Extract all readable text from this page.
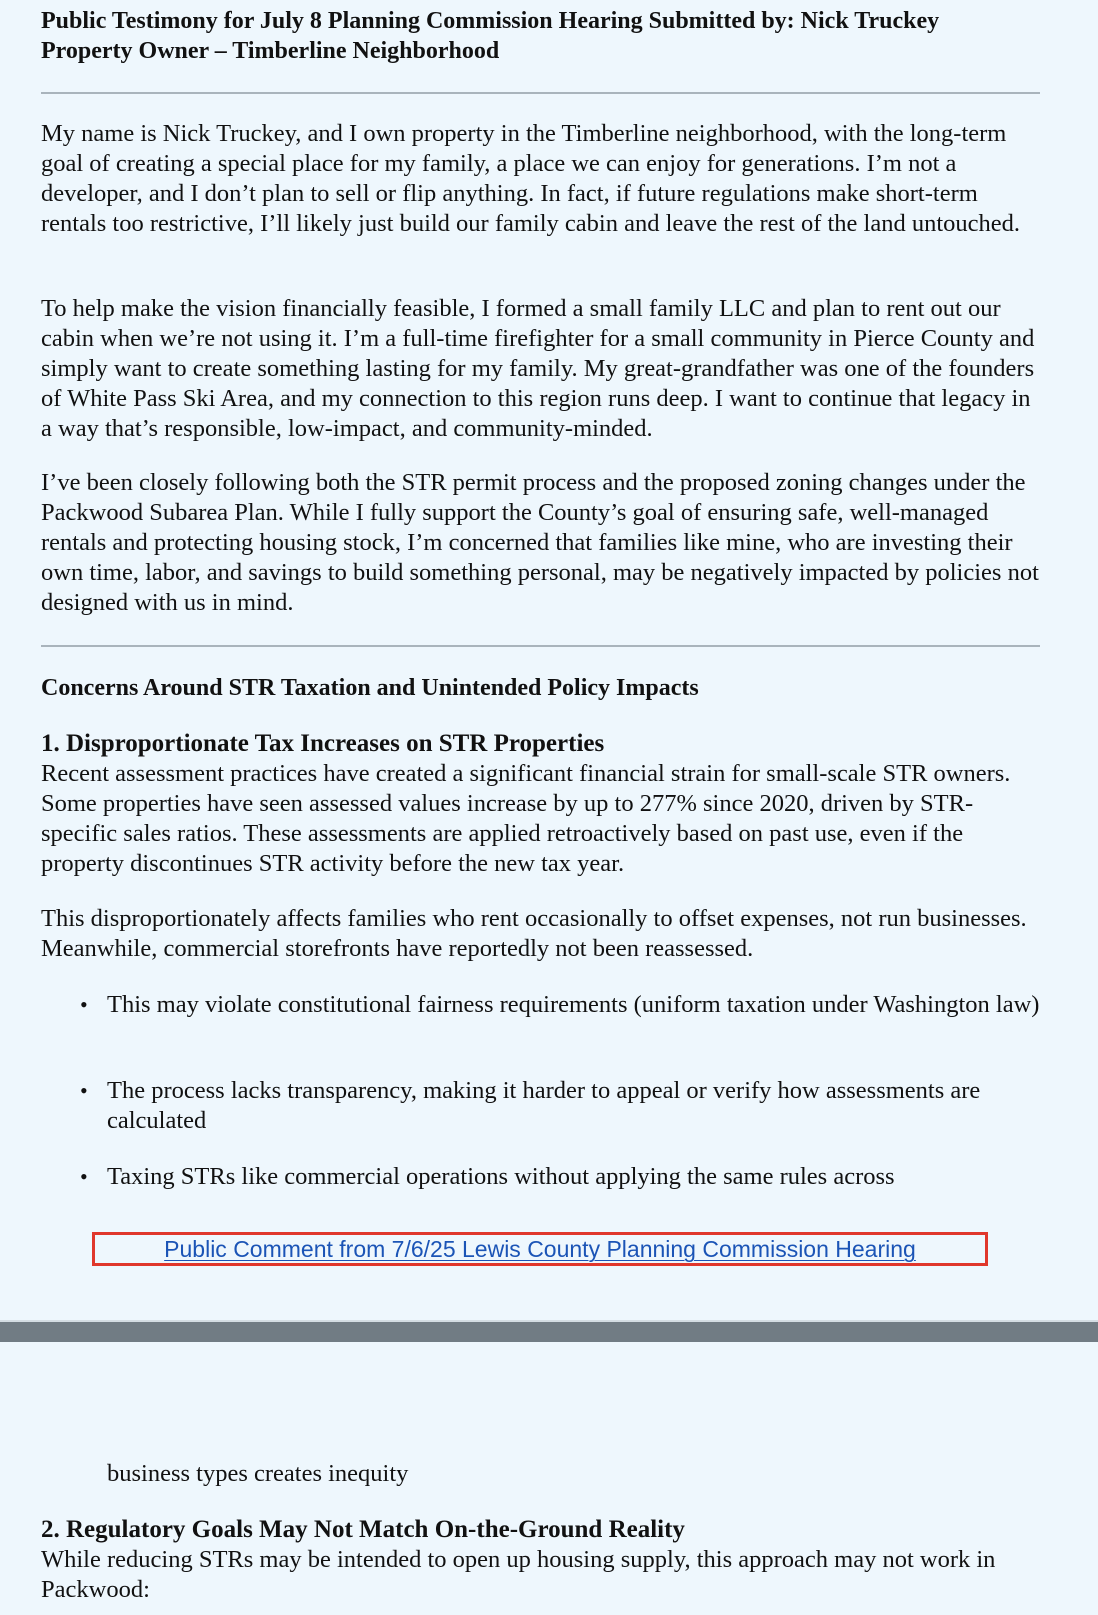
Public Testimony for July 8 Planning Commission Hearing Submitted by: Nick Truckey

Property Owner – Timberline Neighborhood

My name is Nick Truckey, and I own property in the Timberline neighborhood, with the long-term goal of creating a special place for my family, a place we can enjoy for generations. I’m not a developer, and I don’t plan to sell or flip anything. In fact, if future regulations make short-term rentals too restrictive, I’ll likely just build our family cabin and leave the rest of the land untouched.

To help make the vision financially feasible, I formed a small family LLC and plan to rent out our cabin when we’re not using it. I’m a full-time firefighter for a small community in Pierce County and simply want to create something lasting for my family. My great-grandfather was one of the founders of White Pass Ski Area, and my connection to this region runs deep. I want to continue that legacy in a way that’s responsible, low-impact, and community-minded.

I’ve been closely following both the STR permit process and the proposed zoning changes under the Packwood Subarea Plan. While I fully support the County’s goal of ensuring safe, well-managed rentals and protecting housing stock, I’m concerned that families like mine, who are investing their own time, labor, and savings to build something personal, may be negatively impacted by policies not designed with us in mind.

Concerns Around STR Taxation and Unintended Policy Impacts

1. Disproportionate Tax Increases on STR Properties

Recent assessment practices have created a significant financial strain for small-scale STR owners. Some properties have seen assessed values increase by up to 277% since 2020, driven by STR-specific sales ratios. These assessments are applied retroactively based on past use, even if the property discontinues STR activity before the new tax year.

This disproportionately affects families who rent occasionally to offset expenses, not run businesses. Meanwhile, commercial storefronts have reportedly not been reassessed.

• This may violate constitutional fairness requirements (uniform taxation under Washington law)
• The process lacks transparency, making it harder to appeal or verify how assessments are calculated
• Taxing STRs like commercial operations without applying the same rules across
Public Comment from 7/6/25 Lewis County Planning Commission Hearing
business types creates inequity

2. Regulatory Goals May Not Match On-the-Ground Reality

While reducing STRs may be intended to open up housing supply, this approach may not work in Packwood:
